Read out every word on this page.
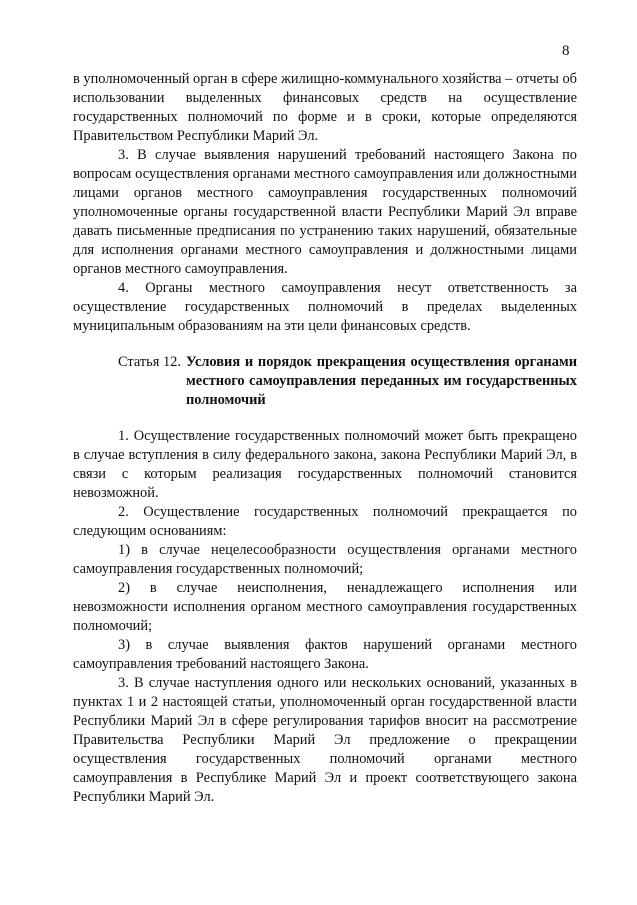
8

в уполномоченный орган в сфере жилищно-коммунального хозяйства – отчеты об использовании выделенных финансовых средств на осуществление государственных полномочий по форме и в сроки, которые определяются Правительством Республики Марий Эл.

3. В случае выявления нарушений требований настоящего Закона по вопросам осуществления органами местного самоуправления или должностными лицами органов местного самоуправления государственных полномочий уполномоченные органы государственной власти Республики Марий Эл вправе давать письменные предписания по устранению таких нарушений, обязательные для исполнения органами местного самоуправления и должностными лицами органов местного самоуправления.

4. Органы местного самоуправления несут ответственность за осуществление государственных полномочий в пределах выделенных муниципальным образованиям на эти цели финансовых средств.

Статья 12. Условия и порядок прекращения осуществления органами местного самоуправления переданных им государственных полномочий

1. Осуществление государственных полномочий может быть прекращено в случае вступления в силу федерального закона, закона Республики Марий Эл, в связи с которым реализация государственных полномочий становится невозможной.

2. Осуществление государственных полномочий прекращается по следующим основаниям:

1) в случае нецелесообразности осуществления органами местного самоуправления государственных полномочий;

2) в случае неисполнения, ненадлежащего исполнения или невозможности исполнения органом местного самоуправления государственных полномочий;

3) в случае выявления фактов нарушений органами местного самоуправления требований настоящего Закона.

3. В случае наступления одного или нескольких оснований, указанных в пунктах 1 и 2 настоящей статьи, уполномоченный орган государственной власти Республики Марий Эл в сфере регулирования тарифов вносит на рассмотрение Правительства Республики Марий Эл предложение о прекращении осуществления государственных полномочий органами местного самоуправления в Республике Марий Эл и проект соответствующего закона Республики Марий Эл.
